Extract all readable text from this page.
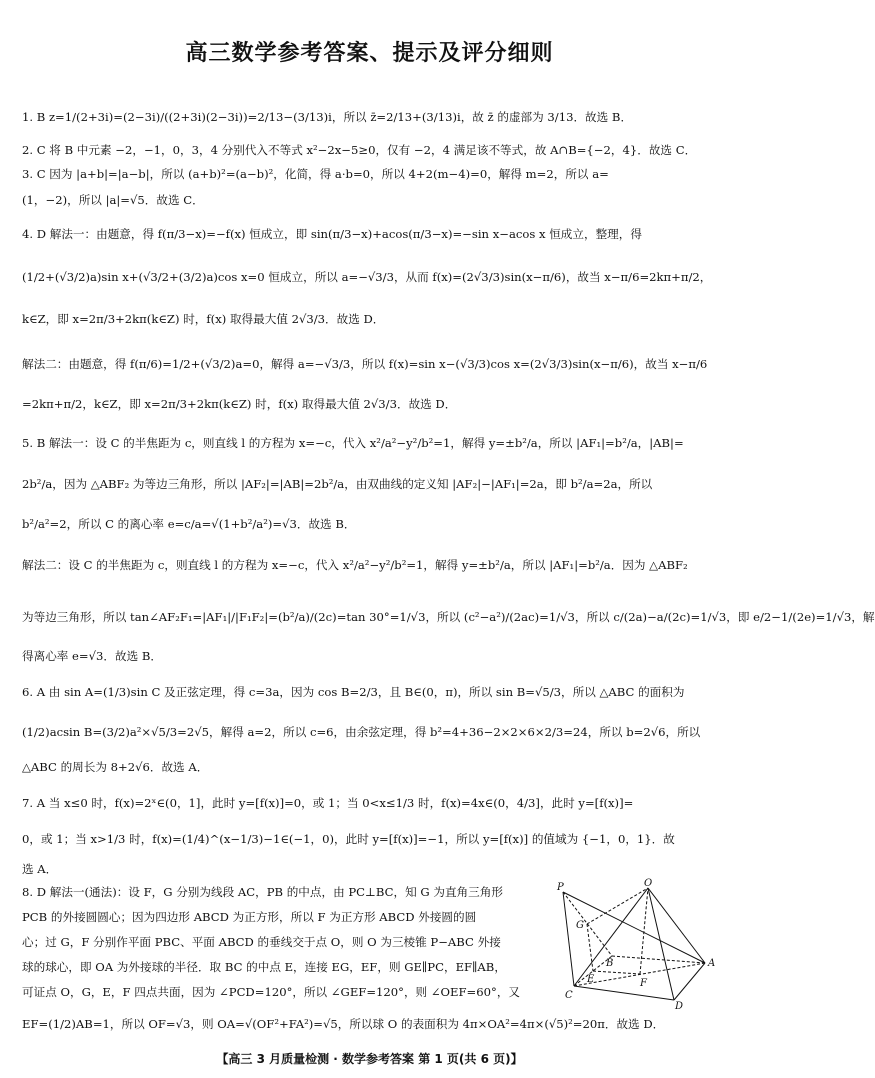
高三数学参考答案、提示及评分细则
1. B z=1/(2+3i)=(2−3i)/((2+3i)(2−3i))=2/13−(3/13)i，所以 z̄=2/13+(3/13)i，故 z̄ 的虚部为 3/13．故选 B．
2. C 将 B 中元素 −2，−1，0，3，4 分别代入不等式 x²−2x−5≥0，仅有 −2，4 满足该不等式，故 A∩B={−2，4}．故选 C．
3. C 因为 |a+b|=|a−b|，所以 (a+b)²=(a−b)²，化简，得 a·b=0，所以 4+2(m−4)=0，解得 m=2，所以 a=
(1，−2)，所以 |a|=√5．故选 C．
4. D 解法一：由题意，得 f(π/3−x)=−f(x) 恒成立，即 sin(π/3−x)+acos(π/3−x)=−sin x−acos x 恒成立，整理，得
(1/2+(√3/2)a)sin x+(√3/2+(3/2)a)cos x=0 恒成立，所以 a=−√3/3，从而 f(x)=(2√3/3)sin(x−π/6)，故当 x−π/6=2kπ+π/2，
k∈Z，即 x=2π/3+2kπ(k∈Z) 时，f(x) 取得最大值 2√3/3．故选 D．
解法二：由题意，得 f(π/6)=1/2+(√3/2)a=0，解得 a=−√3/3，所以 f(x)=sin x−(√3/3)cos x=(2√3/3)sin(x−π/6)，故当 x−π/6
=2kπ+π/2，k∈Z，即 x=2π/3+2kπ(k∈Z) 时，f(x) 取得最大值 2√3/3．故选 D．
5. B 解法一：设 C 的半焦距为 c，则直线 l 的方程为 x=−c，代入 x²/a²−y²/b²=1，解得 y=±b²/a，所以 |AF₁|=b²/a，|AB|=
2b²/a，因为 △ABF₂ 为等边三角形，所以 |AF₂|=|AB|=2b²/a，由双曲线的定义知 |AF₂|−|AF₁|=2a，即 b²/a=2a，所以
b²/a²=2，所以 C 的离心率 e=c/a=√(1+b²/a²)=√3．故选 B．
解法二：设 C 的半焦距为 c，则直线 l 的方程为 x=−c，代入 x²/a²−y²/b²=1，解得 y=±b²/a，所以 |AF₁|=b²/a．因为 △ABF₂
为等边三角形，所以 tan∠AF₂F₁=|AF₁|/|F₁F₂|=(b²/a)/(2c)=tan 30°=1/√3，所以 (c²−a²)/(2ac)=1/√3，所以 c/(2a)−a/(2c)=1/√3，即 e/2−1/(2e)=1/√3，解
得离心率 e=√3．故选 B．
6. A 由 sin A=(1/3)sin C 及正弦定理，得 c=3a，因为 cos B=2/3，且 B∈(0，π)，所以 sin B=√5/3，所以 △ABC 的面积为
(1/2)acsin B=(3/2)a²×√5/3=2√5，解得 a=2，所以 c=6，由余弦定理，得 b²=4+36−2×2×6×2/3=24，所以 b=2√6，所以
△ABC 的周长为 8+2√6．故选 A．
7. A 当 x≤0 时，f(x)=2ˣ∈(0，1]，此时 y=[f(x)]=0，或 1；当 0<x≤1/3 时，f(x)=4x∈(0，4/3]，此时 y=[f(x)]=
0，或 1；当 x>1/3 时，f(x)=(1/4)^(x−1/3)−1∈(−1，0)，此时 y=[f(x)]=−1，所以 y=[f(x)] 的值域为 {−1，0，1}．故
选 A．
8. D 解法一(通法)：设 F，G 分别为线段 AC，PB 的中点，由 PC⊥BC，知 G 为直角三角形
PCB 的外接圆圆心；因为四边形 ABCD 为正方形，所以 F 为正方形 ABCD 外接圆的圆
心；过 G，F 分别作平面 PBC、平面 ABCD 的垂线交于点 O，则 O 为三棱锥 P−ABC 外接
球的球心，即 OA 为外接球的半径．取 BC 的中点 E，连接 EG，EF，则 GE∥PC，EF∥AB，
可证点 O，G，E，F 四点共面，因为 ∠PCD=120°，所以 ∠GEF=120°，则 ∠OEF=60°，又
EF=(1/2)AB=1，所以 OF=√3，则 OA=√(OF²+FA²)=√5，所以球 O 的表面积为 4π×OA²=4π×(√5)²=20π．故选 D．
P	O
G
B
E	F
A
C
D
【高三 3 月质量检测 · 数学参考答案 第 1 页(共 6 页)】
